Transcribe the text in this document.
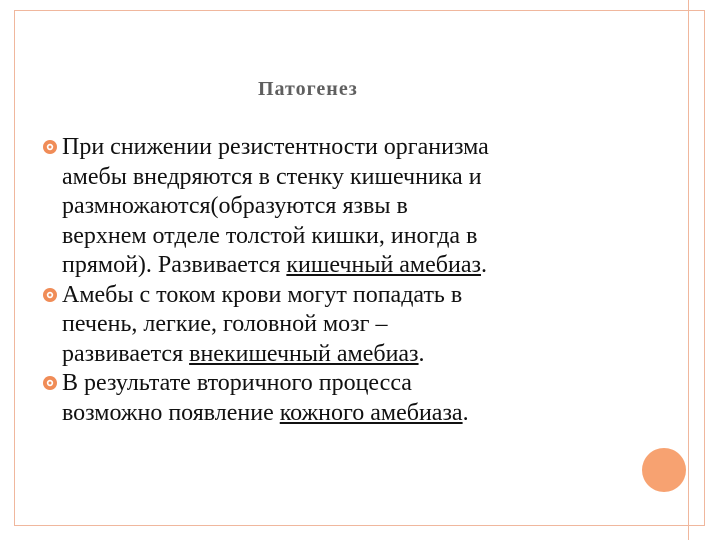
Патогенез
При снижении резистентности организма
амебы внедряются в стенку кишечника и
размножаются(образуются язвы в
верхнем отделе толстой кишки, иногда в
прямой). Развивается кишечный амебиаз.
Амебы с током крови могут попадать в
печень, легкие, головной мозг –
развивается внекишечный амебиаз.
В результате вторичного процесса
возможно появление кожного амебиаза.
